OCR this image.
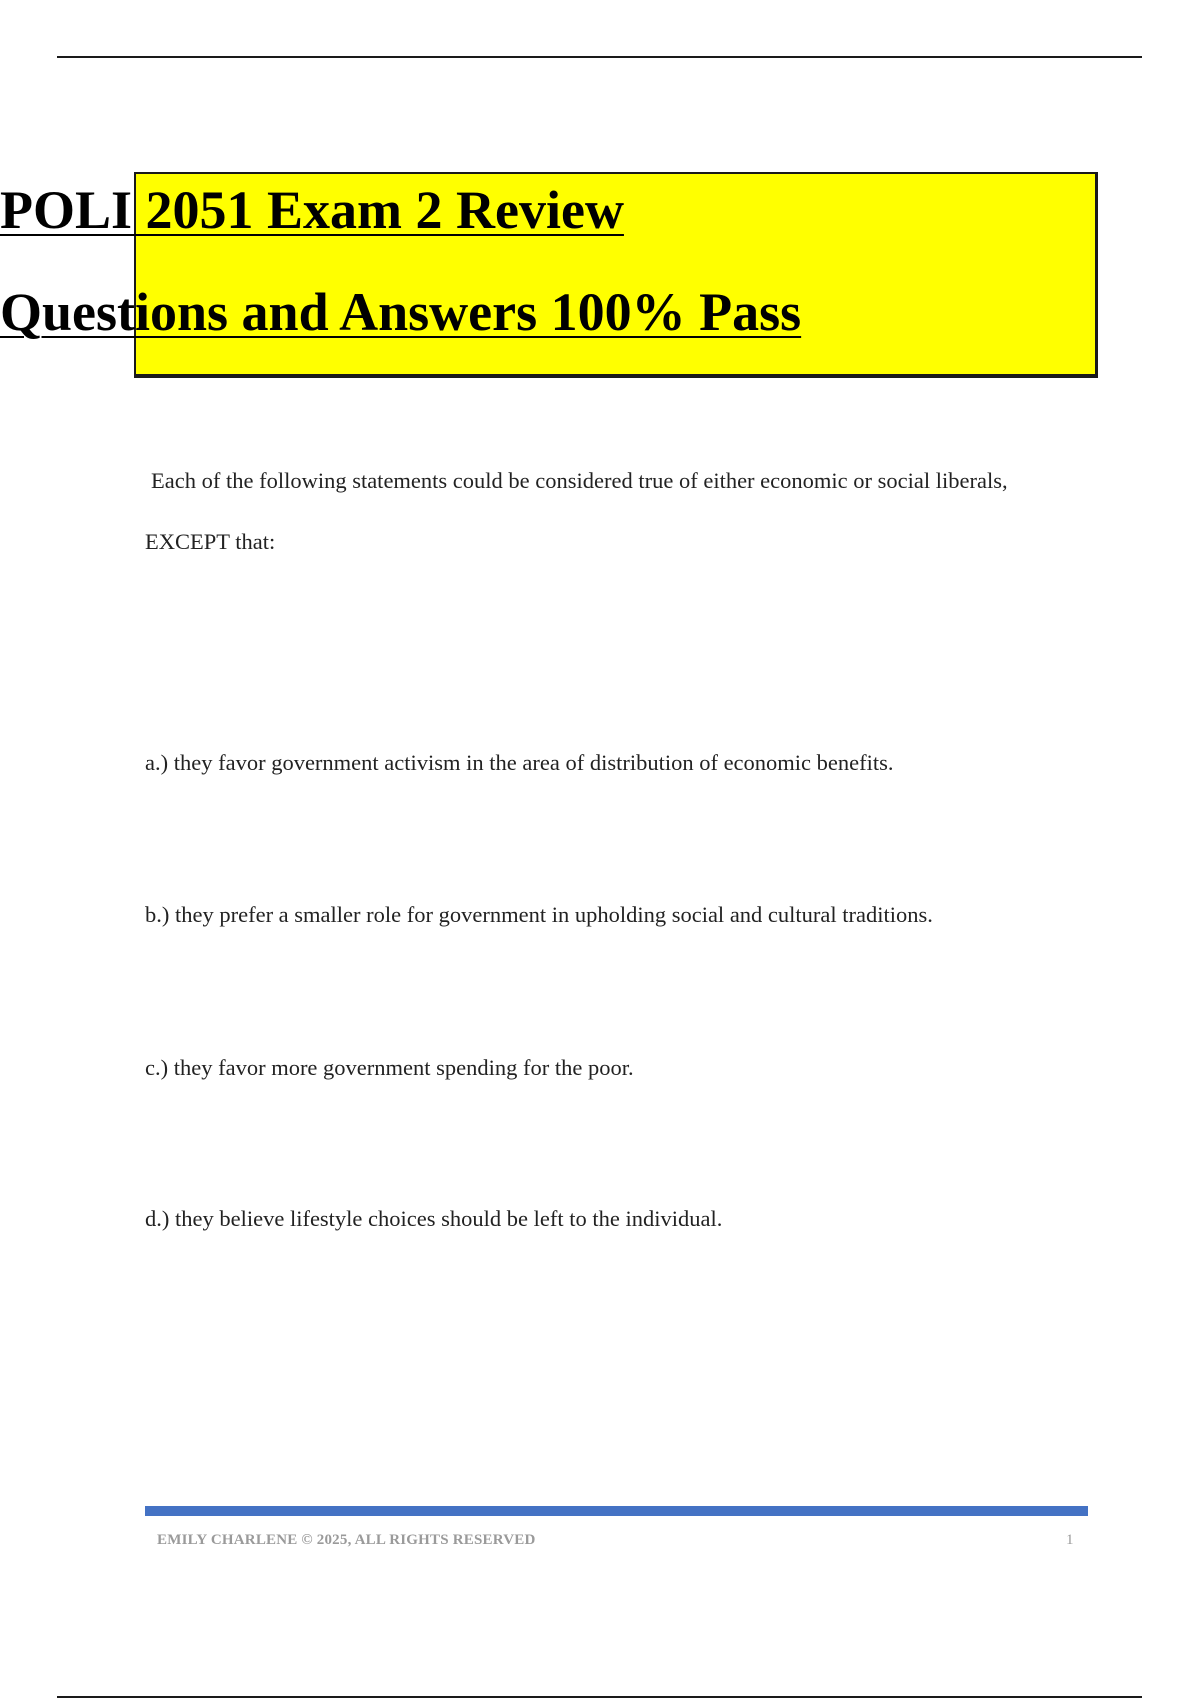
POLI 2051 Exam 2 Review
Questions and Answers 100% Pass
Each of the following statements could be considered true of either economic or social liberals, EXCEPT that:
a.) they favor government activism in the area of distribution of economic benefits.
b.) they prefer a smaller role for government in upholding social and cultural traditions.
c.) they favor more government spending for the poor.
d.) they believe lifestyle choices should be left to the individual.
EMILY CHARLENE © 2025, ALL RIGHTS RESERVED	1
